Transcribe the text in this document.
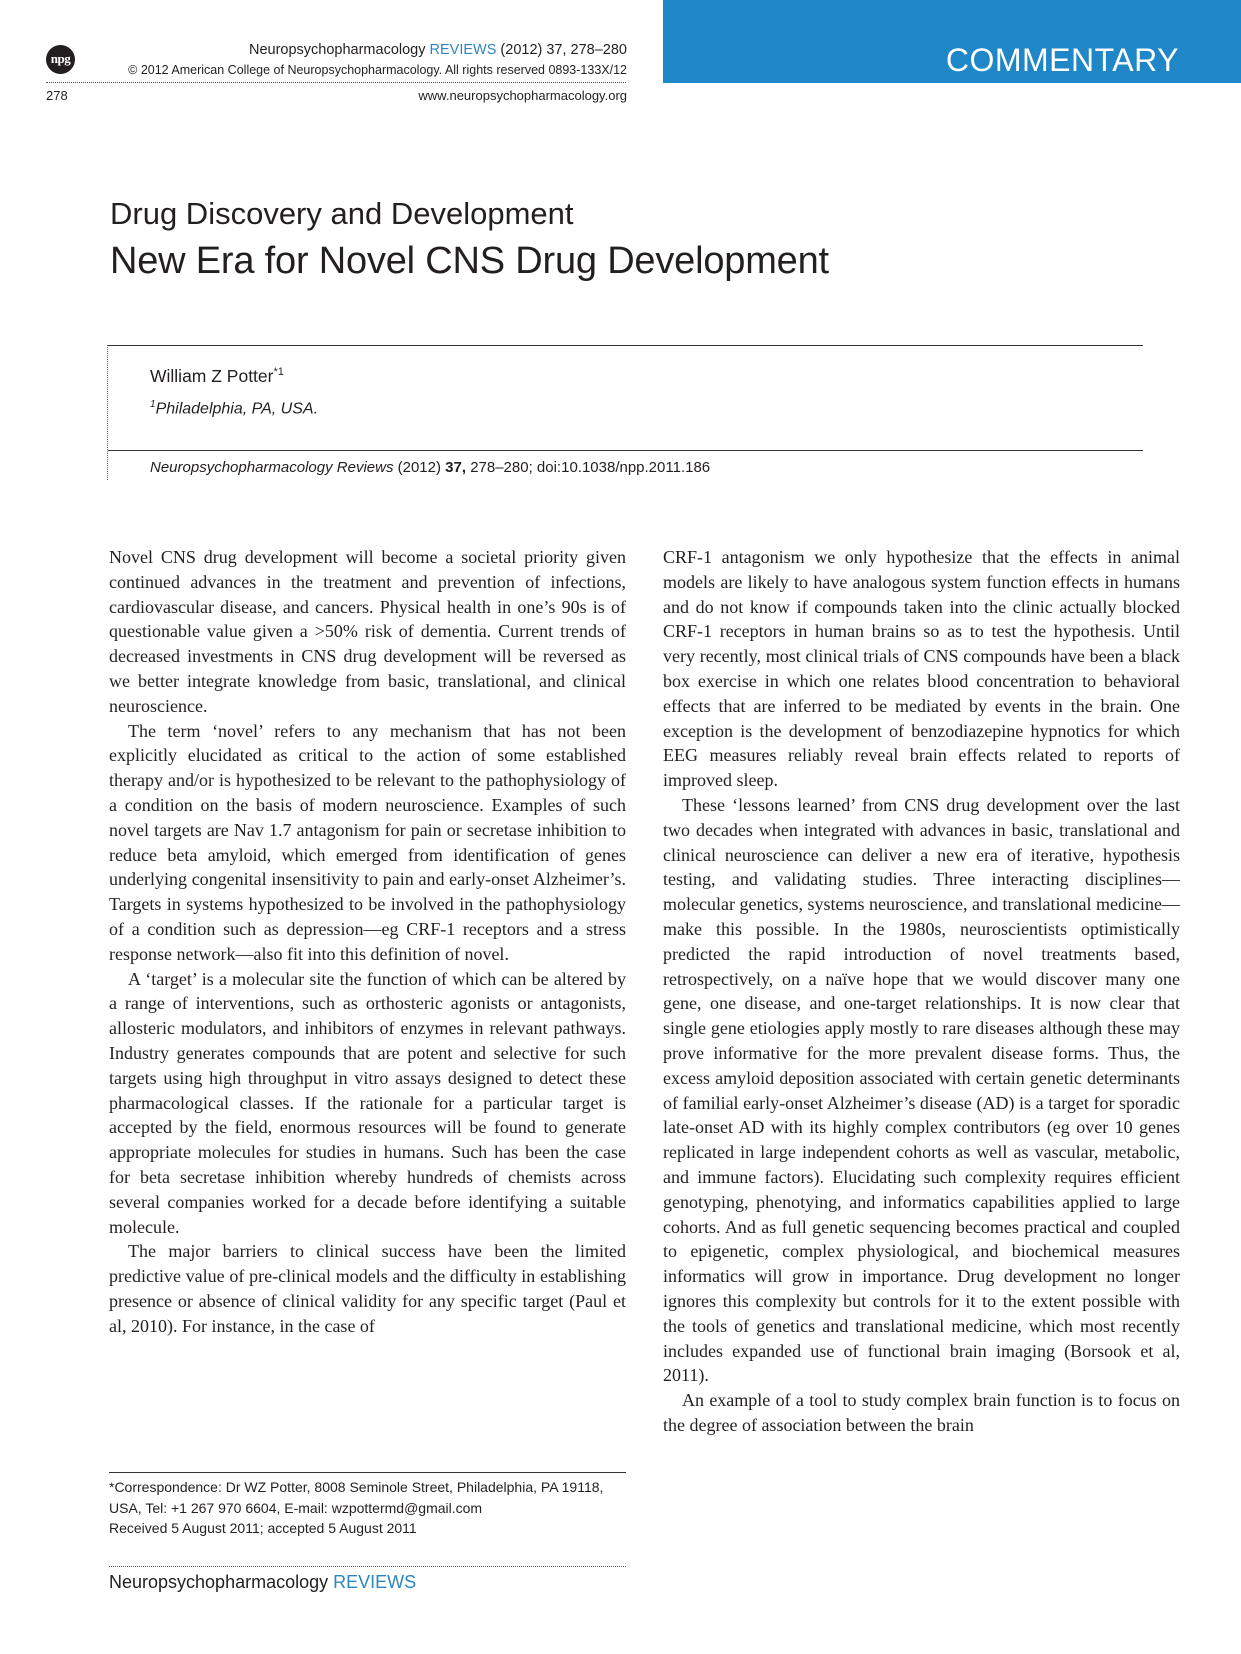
npg
Neuropsychopharmacology REVIEWS (2012) 37, 278–280
© 2012 American College of Neuropsychopharmacology. All rights reserved 0893-133X/12
278	www.neuropsychopharmacology.org
COMMENTARY
Drug Discovery and Development
New Era for Novel CNS Drug Development
William Z Potter$^{*1}$
$^1$Philadelphia, PA, USA.
Neuropsychopharmacology Reviews (2012) 37, 278–280; doi:10.1038/npp.2011.186

Novel CNS drug development will become a societal priority given continued advances in the treatment and prevention of infections, cardiovascular disease, and cancers. Physical health in one’s 90s is of questionable value given a >50% risk of dementia. Current trends of decreased investments in CNS drug development will be reversed as we better integrate knowledge from basic, translational, and clinical neuroscience.

The term ‘novel’ refers to any mechanism that has not been explicitly elucidated as critical to the action of some established therapy and/or is hypothesized to be relevant to the pathophysiology of a condition on the basis of modern neuroscience. Examples of such novel targets are Nav 1.7 antagonism for pain or secretase inhibition to reduce beta amyloid, which emerged from identification of genes underlying congenital insensitivity to pain and early-onset Alzheimer’s. Targets in systems hypothesized to be involved in the pathophysiology of a condition such as depression—eg CRF-1 receptors and a stress response network—also fit into this definition of novel.

A ‘target’ is a molecular site the function of which can be altered by a range of interventions, such as orthosteric agonists or antagonists, allosteric modulators, and inhibitors of enzymes in relevant pathways. Industry generates compounds that are potent and selective for such targets using high throughput in vitro assays designed to detect these pharmacological classes. If the rationale for a particular target is accepted by the field, enormous resources will be found to generate appropriate molecules for studies in humans. Such has been the case for beta secretase inhibition whereby hundreds of chemists across several companies worked for a decade before identifying a suitable molecule.

The major barriers to clinical success have been the limited predictive value of pre-clinical models and the difficulty in establishing presence or absence of clinical validity for any specific target (Paul et al, 2010). For instance, in the case of

CRF-1 antagonism we only hypothesize that the effects in animal models are likely to have analogous system function effects in humans and do not know if compounds taken into the clinic actually blocked CRF-1 receptors in human brains so as to test the hypothesis. Until very recently, most clinical trials of CNS compounds have been a black box exercise in which one relates blood concentration to behavioral effects that are inferred to be mediated by events in the brain. One exception is the development of benzodiazepine hypnotics for which EEG measures reliably reveal brain effects related to reports of improved sleep.

These ‘lessons learned’ from CNS drug development over the last two decades when integrated with advances in basic, translational and clinical neuroscience can deliver a new era of iterative, hypothesis testing, and validating studies. Three interacting disciplines—molecular genetics, systems neuroscience, and translational medicine—make this possible. In the 1980s, neuroscientists optimistically predicted the rapid introduction of novel treatments based, retrospectively, on a naïve hope that we would discover many one gene, one disease, and one-target relationships. It is now clear that single gene etiologies apply mostly to rare diseases although these may prove informative for the more prevalent disease forms. Thus, the excess amyloid deposition associated with certain genetic determinants of familial early-onset Alzheimer’s disease (AD) is a target for sporadic late-onset AD with its highly complex contributors (eg over 10 genes replicated in large independent cohorts as well as vascular, metabolic, and immune factors). Elucidating such complexity requires efficient genotyping, phenotying, and informatics capabilities applied to large cohorts. And as full genetic sequencing becomes practical and coupled to epigenetic, complex physiological, and biochemical measures informatics will grow in importance. Drug development no longer ignores this complexity but controls for it to the extent possible with the tools of genetics and translational medicine, which most recently includes expanded use of functional brain imaging (Borsook et al, 2011).

An example of a tool to study complex brain function is to focus on the degree of association between the brain

*Correspondence: Dr WZ Potter, 8008 Seminole Street, Philadelphia, PA 19118, USA, Tel: +1 267 970 6604, E-mail: wzpottermd@gmail.com
Received 5 August 2011; accepted 5 August 2011
Neuropsychopharmacology REVIEWS
